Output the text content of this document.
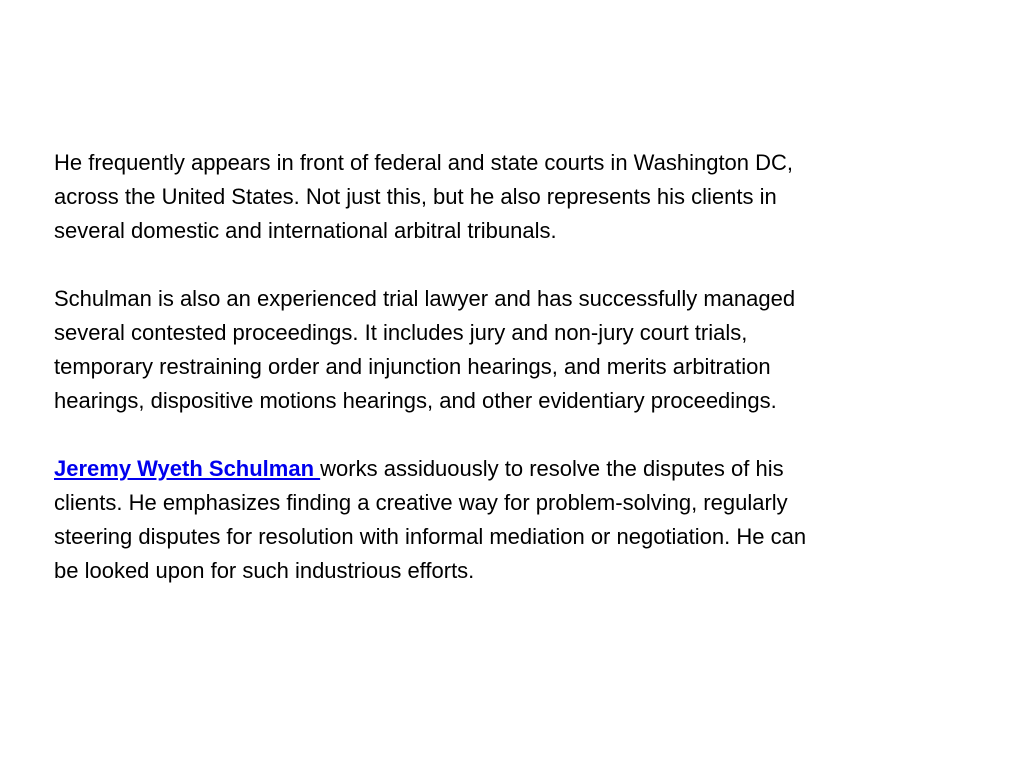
He frequently appears in front of federal and state courts in Washington DC,
across the United States. Not just this, but he also represents his clients in
several domestic and international arbitral tribunals.

Schulman is also an experienced trial lawyer and has successfully managed
several contested proceedings. It includes jury and non-jury court trials,
temporary restraining order and injunction hearings, and merits arbitration
hearings, dispositive motions hearings, and other evidentiary proceedings.

Jeremy Wyeth Schulman works assiduously to resolve the disputes of his
clients. He emphasizes finding a creative way for problem-solving, regularly
steering disputes for resolution with informal mediation or negotiation. He can
be looked upon for such industrious efforts.
